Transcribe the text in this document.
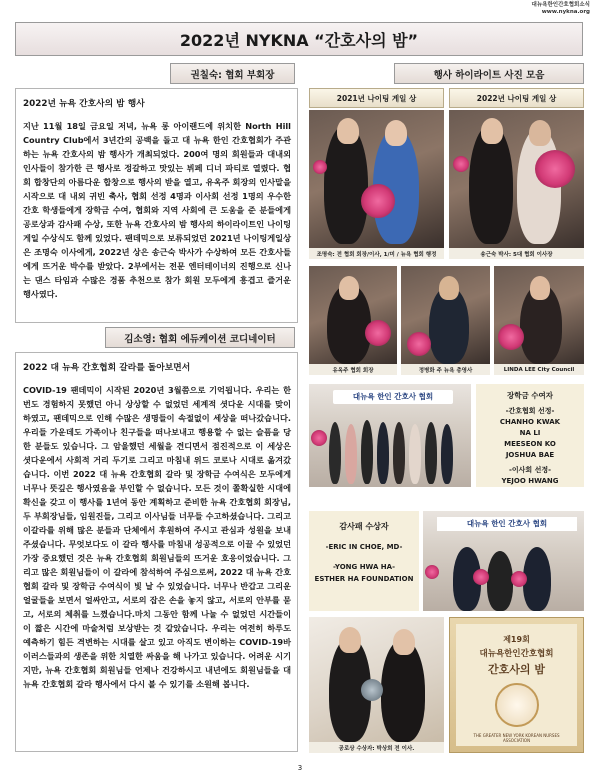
대뉴욕한인간호협회소식
www.nykna.org
2022년 NYKNA “간호사의 밤”
권칠숙: 협회 부회장

2022년 뉴욕 간호사의 밤 행사

지난 11월 18일 금요일 저녁, 뉴욕 롱 아이랜드에 위치한 North Hill Country Club에서 3년간의 공백을 돌고 대 뉴욕 한인 간호협회가 주관하는 뉴욕 간호사의 밤 행사가 개최되었다. 200여 명의 회원들과 대내외 인사들이 참가한 큰 행사로 정갈하고 맛있는 뷔페 디너 파티로 열렸다. 협회 합창단의 아름다운 합창으로 행사의 받을 열고, 유옥주 회장의 인사말을 시작으로 대 내외 귀빈 축사, 협회 선정 4명과 이사회 선정 1명의 우수한 간호 학생들에게 장학금 수여, 협회와 지역 사회에 큰 도움을 준 분들에게 공로상과 감사패 수상, 또한 뉴욕 간호사의 밤 행사의 하이라이트인 나이팅게일 수상식도 함께 있었다. 팬데믹으로 보류되었던 2021년 나이팅게일상은 조명숙 이사에게, 2022년 상은 송근숙 박사가 수상하여 모든 간호사들에게 뜨거운 박수를 받았다. 2부에서는 전문 엔터테이너의 진행으로 신나는 댄스 타임과 수많은 경품 추천으로 참가 회원 모두에게 흥겹고 즐거운 행사였다.

김소영: 협회 에듀케이션 코디네이터

2022 대 뉴욕 간호협회 갈라를 돌아보면서

COVID-19 팬데믹이 시작된 2020년 3월쯤으로 기억됩니다. 우리는 한 번도 경험하지 못했던 아니 상상할 수 없었던 세계적 셧다운 시대를 맞이 하였고, 팬데믹으로 인해 수많은 생명들이 속절없이 세상을 떠나갔습니다. 우리들 가운데도 가족이나 친구들을 떠나보내고 행용할 수 없는 슬픔을 당한 분들도 있습니다. 그 암울했던 세월을 견디면서 점진적으로 이 세상은 셧다운에서 사회적 거리 두기로 그리고 마침내 위드 코로나 시대로 옮겨갔습니다. 이번 2022 대 뉴욕 간호협회 갈라 및 장학금 수여식은 모두에게 너무나 뜻깊은 행사였음을 부인할 수 없습니다. 모든 것이 쫄확실한 시대에 확신을 갖고 이 행사를 1년여 동안 계획하고 준비한 뉴욕 간호협회 회장님, 두 부회장님들, 임원진들, 그리고 이사님들 너무들 수고하셨습니다. 그리고 이갈라를 위해 많은 분들과 단체에서 후원하여 주시고 관심과 성원을 보내 주셨습니다. 무엇보다도 이 갈라 행사를 마침내 성공적으로 이끌 수 있었던 가장 중요했던 것은 뉴욕 간호협회 회원님들의 뜨거운 호응이었습니다. 그리고 많은 회원님들이 이 갈라에 참석하여 주심으로써, 2022 대 뉴욕 간호협회 갈라 및 장학금 수여식이 빛 날 수 있었습니다. 너무나 반갑고 그리운 얼굴들을 보면서 얼싸안고, 서로의 잡은 손을 놓지 않고, 서로의 안부를 묻고, 서로의 체취를 느꼈습니다.마치 그동안 함께 나눌 수 없었던 시간들이 이 짧은 시간에 마술처럼 보상받는 것 같았습니다. 우리는 여전히 하루도 예측하기 힘든 격변하는 시대를 살고 있고 아직도 변이하는 COVID-19바이러스들과의 생존을 위한 치열한 싸움을 해 나가고 있습니다. 어려운 시기지만, 뉴욕 간호협회 회원님들 언제나 건강하시고 내년에도 회원님들을 대 뉴욕 간호협회 갈라 행사에서 다시 볼 수 있기를 소원해 봅니다.

행사 하이라이트 사진 모음
2021년 나이팅 게일 상
조명숙: 전 협회 회장/이사, 1/미 / 뉴욕 협회 행정
2022년 나이팅 게일 상
송근숙 박사: 5대 협회 이사장
유옥주 협회 회장	정병화 주 뉴욕 총영사	LINDA LEE City Council
대뉴욕 한인 간호사 협회	장학금 수여자
-간호협회 선정-
CHANHO KWAK
NA LI
MEESEON KO
JOSHUA BAE
-이사회 선정-
YEJOO HWANG
감사패 수상자
-ERIC IN CHOE, MD-
-YONG HWA HA-
ESTHER HA FOUNDATION
대뉴욕 한인 간호사 협회
공로상 수상자: 박상희 전 이사.
제19회
대뉴욕한인간호협회
간호사의 밤
THE GREATER NEW YORK KOREAN NURSES ASSOCIATION
3
